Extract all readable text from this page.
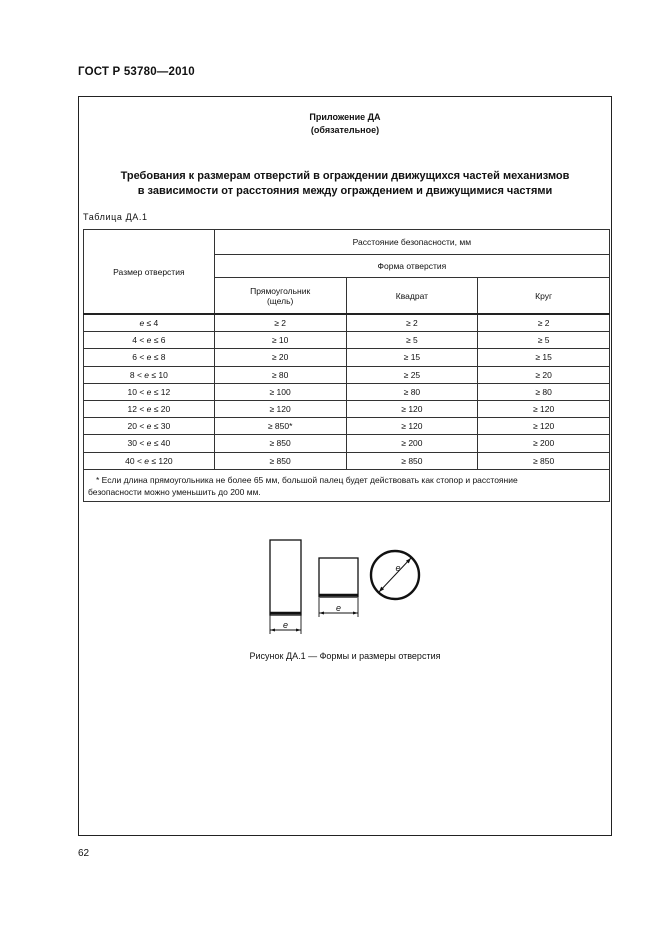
ГОСТ Р 53780—2010
Приложение ДА
(обязательное)
Требования к размерам отверстий в ограждении движущихся частей механизмов
в зависимости от расстояния между ограждением и движущимися частями
Таблица ДА.1
Размер отверстия	Расстояние безопасности, мм		
	Форма отверстия		

	Прямоугольник
(щель)	Квадрат	Круг
e ≤ 4	≥ 2	≥ 2	≥ 2
4 < e ≤ 6	≥ 10	≥ 5	≥ 5
6 < e ≤ 8	≥ 20	≥ 15	≥ 15
8 < e ≤ 10	≥ 80	≥ 25	≥ 20
10 < e ≤ 12	≥ 100	≥ 80	≥ 80
12 < e ≤ 20	≥ 120	≥ 120	≥ 120
20 < e ≤ 30	≥ 850*	≥ 120	≥ 120
30 < e ≤ 40	≥ 850	≥ 200	≥ 200
40 < e ≤ 120	≥ 850	≥ 850	≥ 850

* Если длина прямоугольника не более 65 мм, большой палец будет действовать как стопор и расстояние
безопасности можно уменьшить до 200 мм.			
e
e
e
Рисунок ДА.1 — Формы и размеры отверстия
62
